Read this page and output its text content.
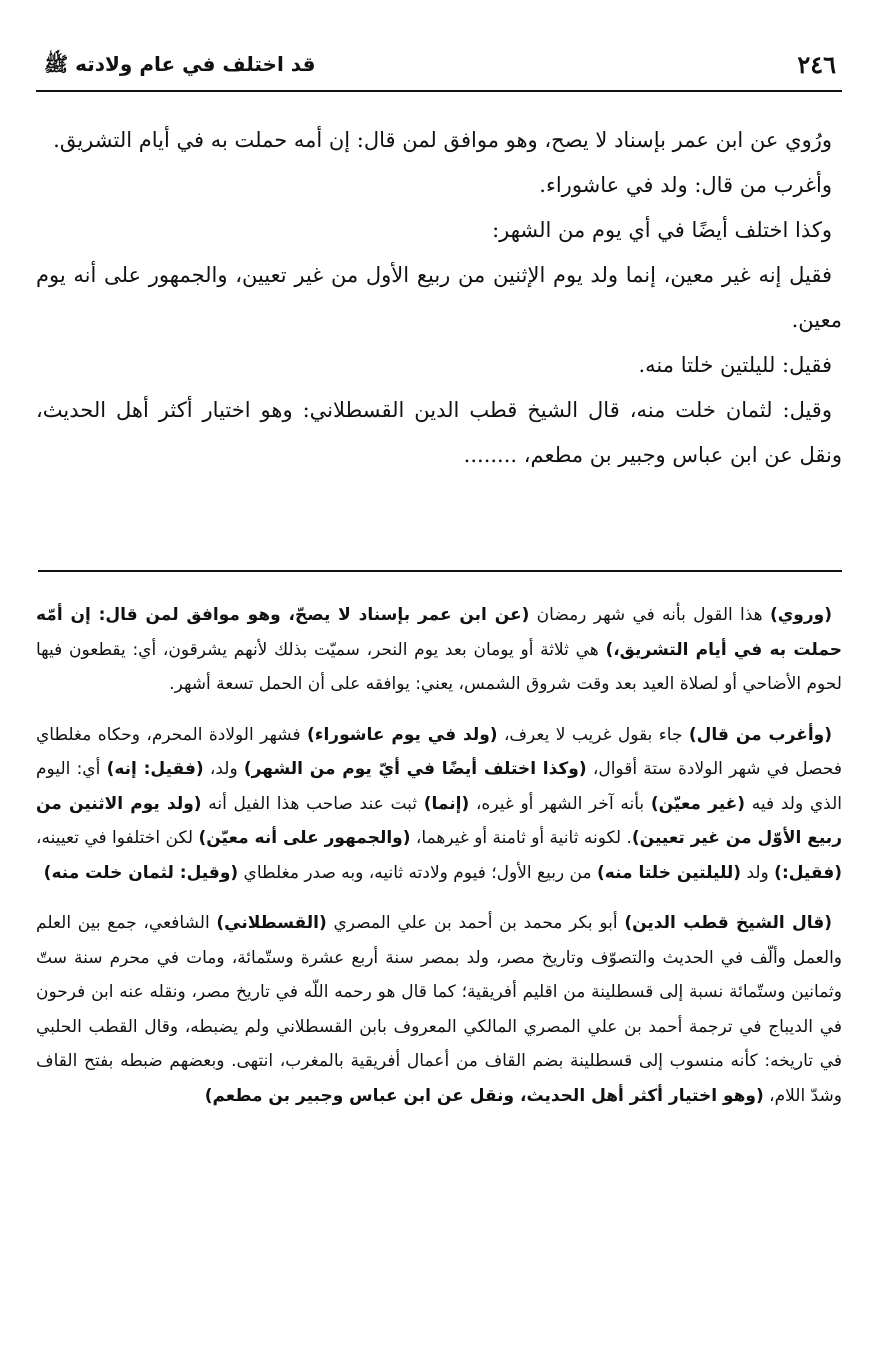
٢٤٦
قد اختلف في عام ولادته ﷺ

ورُوي عن ابن عمر بإسناد لا يصح، وهو موافق لمن قال: إن أمه حملت به في أيام التشريق.

وأغرب من قال: ولد في عاشوراء.

وكذا اختلف أيضًا في أي يوم من الشهر:

فقيل إنه غير معين، إنما ولد يوم الإثنين من ربيع الأول من غير تعيين، والجمهور على أنه يوم معين.

فقيل: لليلتين خلتا منه.

وقيل: لثمان خلت منه، قال الشيخ قطب الدين القسطلاني: وهو اختيار أكثر أهل الحديث، ونقل عن ابن عباس وجبير بن مطعم، ........

(وروي) هذا القول بأنه في شهر رمضان (عن ابن عمر بإسناد لا يصحّ، وهو موافق لمن قال: إن أمّه حملت به في أيام التشريق،) هي ثلاثة أو يومان بعد يوم النحر، سميّت بذلك لأنهم يشرقون، أي: يقطعون فيها لحوم الأضاحي أو لصلاة العيد بعد وقت شروق الشمس، يعني: يوافقه على أن الحمل تسعة أشهر.

(وأغرب من قال) جاء بقول غريب لا يعرف، (ولد في يوم عاشوراء) فشهر الولادة المحرم، وحكاه مغلطاي فحصل في شهر الولادة ستة أقوال، (وكذا اختلف أيضًا في أيّ يوم من الشهر) ولد، (فقيل: إنه) أي: اليوم الذي ولد فيه (غير معيّن) بأنه آخر الشهر أو غيره، (إنما) ثبت عند صاحب هذا الفيل أنه (ولد يوم الاثنين من ربيع الأوّل من غير تعيين). لكونه ثانية أو ثامنة أو غيرهما، (والجمهور على أنه معيّن) لكن اختلفوا في تعيينه، (فقيل:) ولد (لليلتين خلتا منه) من ربيع الأول؛ فيوم ولادته ثانيه، وبه صدر مغلطاي (وقيل: لثمان خلت منه)

(قال الشيخ قطب الدين) أبو بكر محمد بن أحمد بن علي المصري (القسطلاني) الشافعي، جمع بين العلم والعمل وألّف في الحديث والتصوّف وتاريخ مصر، ولد بمصر سنة أربع عشرة وستّمائة، ومات في محرم سنة ستّ وثمانين وستّمائة نسبة إلى قسطلينة من اقليم أفريقية؛ كما قال هو رحمه اللّه في تاريخ مصر، ونقله عنه ابن فرحون في الديباج في ترجمة أحمد بن علي المصري المالكي المعروف بابن القسطلاني ولم يضبطه، وقال القطب الحلبي في تاريخه: كأنه منسوب إلى قسطلينة بضم القاف من أعمال أفريقية بالمغرب، انتهى. وبعضهم ضبطه بفتح القاف وشدّ اللام، (وهو اختيار أكثر أهل الحديث، ونقل عن ابن عباس وجبير بن مطعم)
